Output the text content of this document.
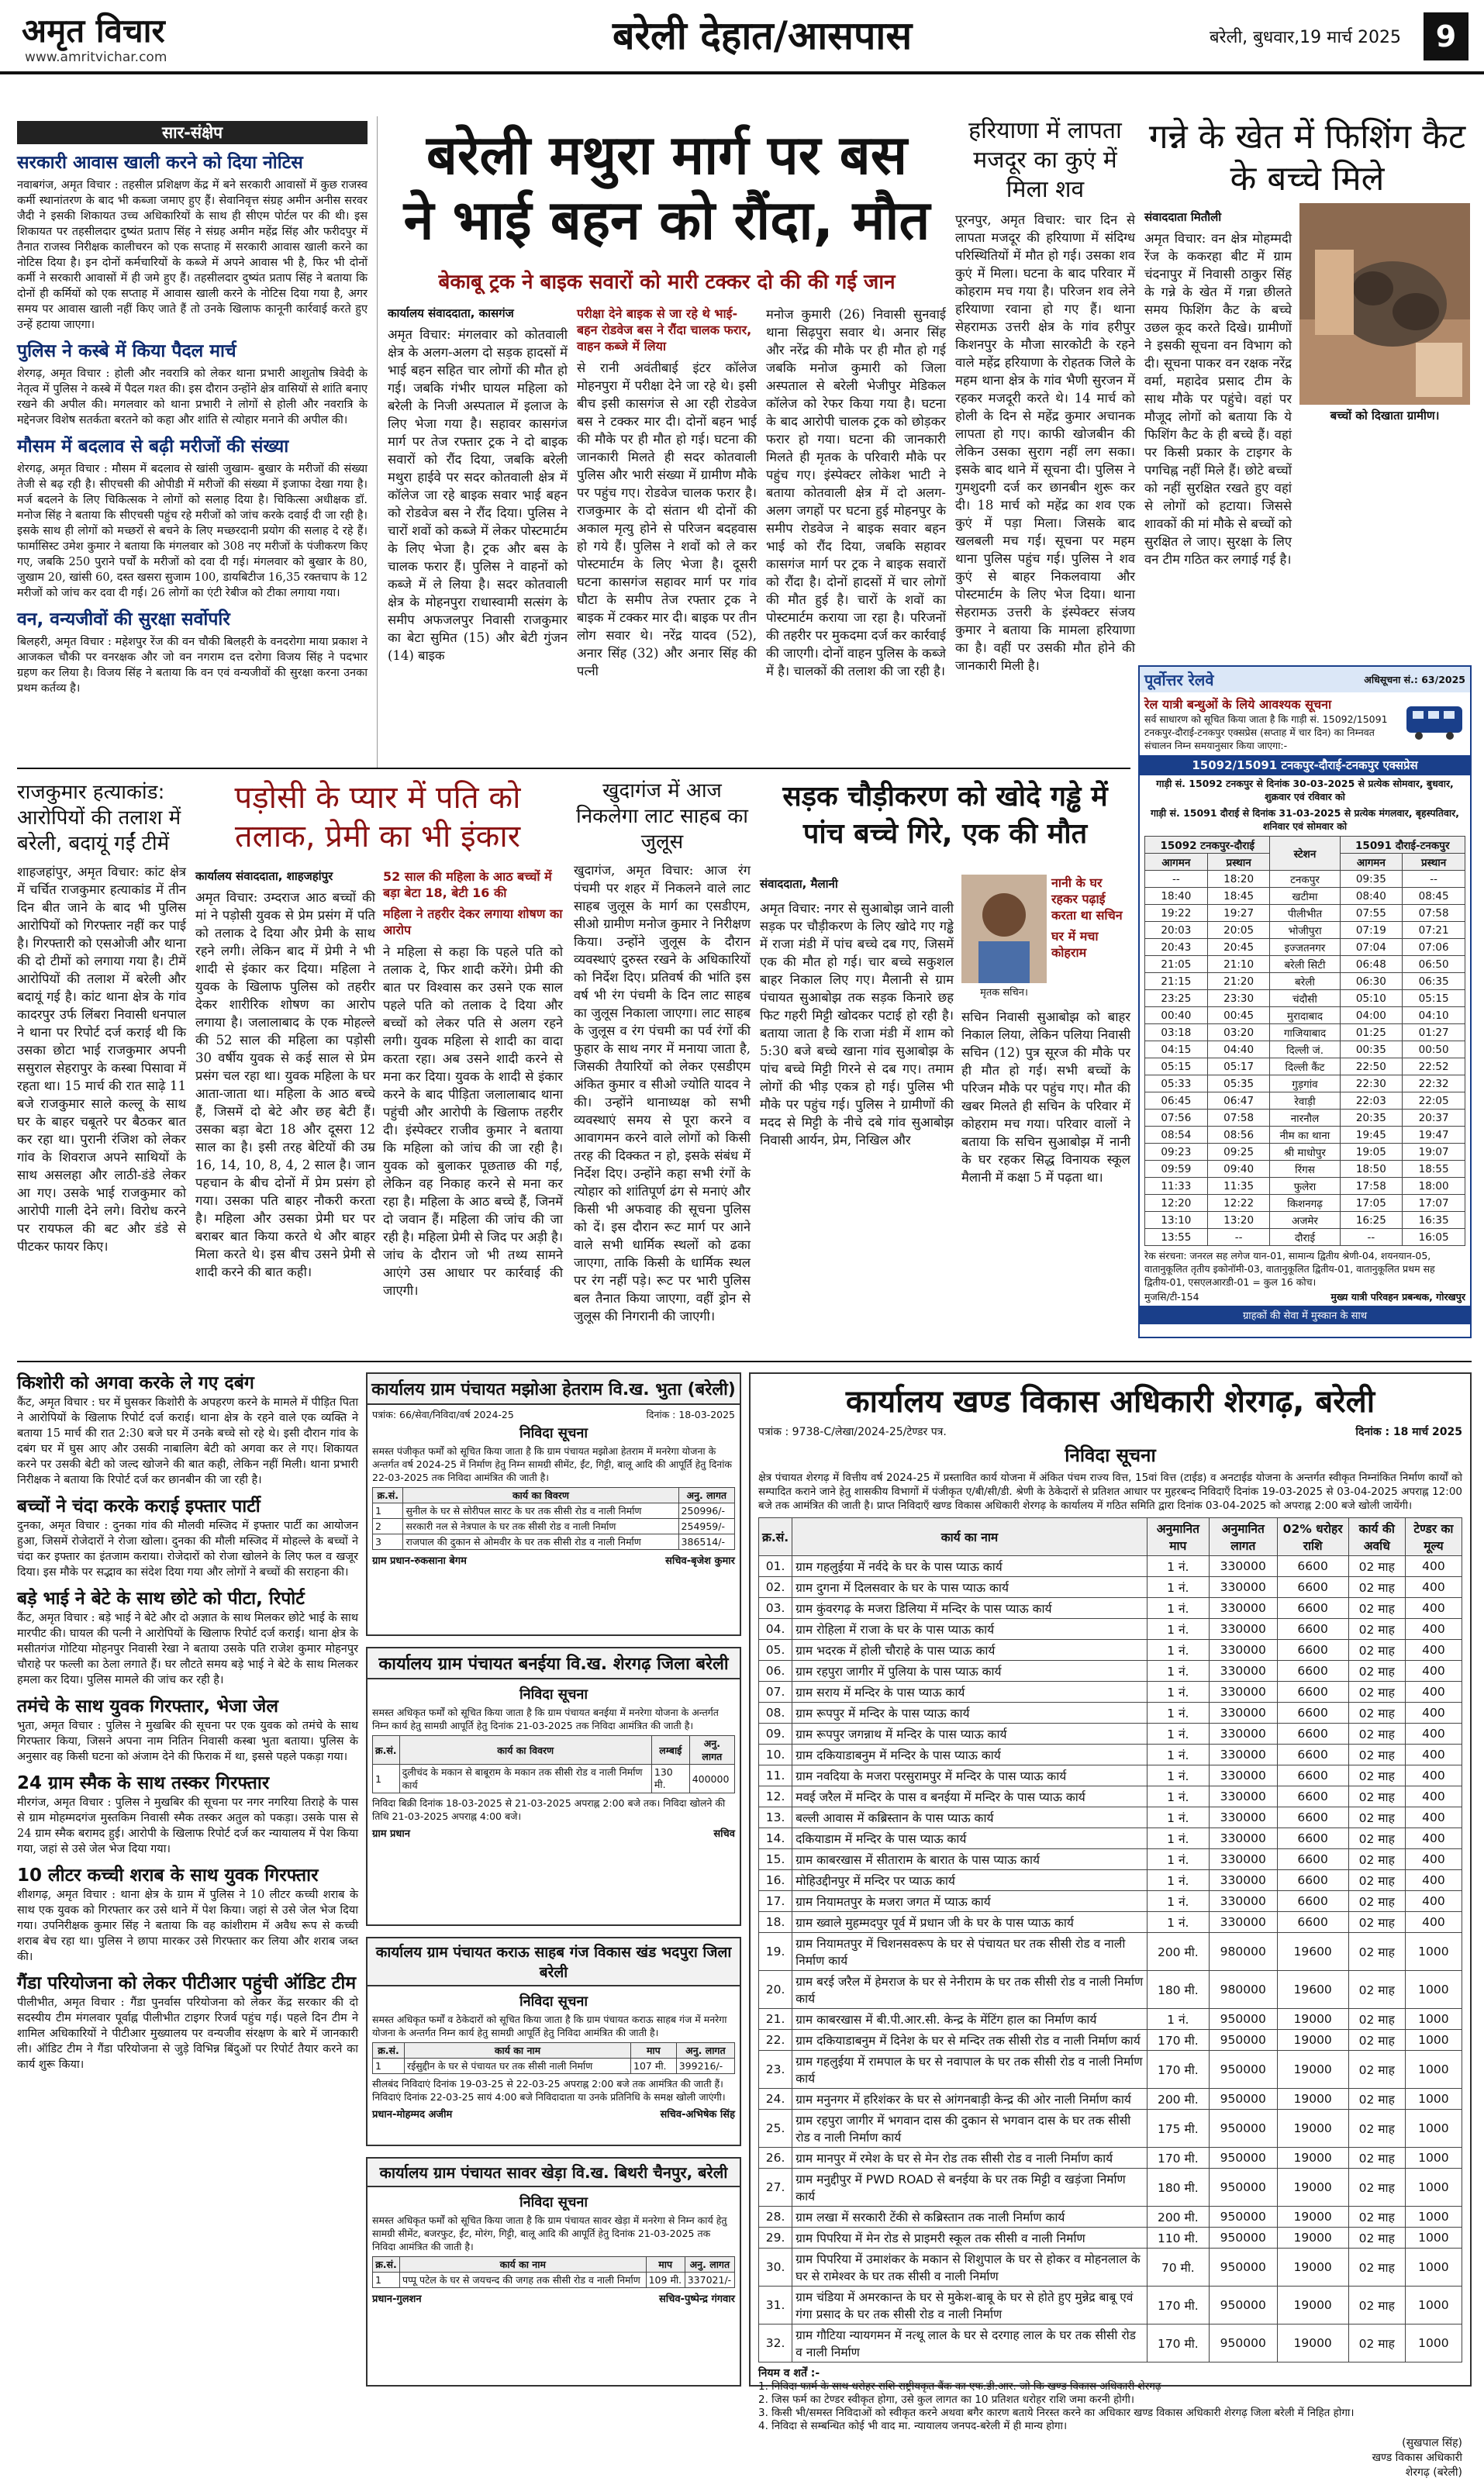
अमृत विचार
www.amritvichar.com	बरेली देहात/आसपास	बरेली, बुधवार,19 मार्च 2025	9
सार-संक्षेप
सरकारी आवास खाली करने को दिया नोटिस
नवाबगंज, अमृत विचार : तहसील प्रशिक्षण केंद्र में बने सरकारी आवासों में कुछ राजस्व कर्मी स्थानांतरण के बाद भी कब्जा जमाए हुए हैं। सेवानिवृत्त संग्रह अमीन अनीस सरवर जैदी ने इसकी शिकायत उच्च अधिकारियों के साथ ही सीएम पोर्टल पर की थी। इस शिकायत पर तहसीलदार दुष्यंत प्रताप सिंह ने संग्रह अमीन महेंद्र सिंह और फरीदपुर में तैनात राजस्व निरीक्षक कालीचरन को एक सप्ताह में सरकारी आवास खाली करने का नोटिस दिया है। इन दोनों कर्मचारियों के कब्जे में अपने आवास भी है, फिर भी दोनों कर्मी ने सरकारी आवासों में ही जमे हुए हैं। तहसीलदार दुष्यंत प्रताप सिंह ने बताया कि दोनों ही कर्मियों को एक सप्ताह में आवास खाली करने के नोटिस दिया गया है, अगर समय पर आवास खाली नहीं किए जाते हैं तो उनके खिलाफ कानूनी कार्रवाई करते हुए उन्हें हटाया जाएगा।
पुलिस ने कस्बे में किया पैदल मार्च
शेरगढ़, अमृत विचार : होली और नवरात्रि को लेकर थाना प्रभारी आशुतोष त्रिवेदी के नेतृत्व में पुलिस ने कस्बे में पैदल गश्त की। इस दौरान उन्होंने क्षेत्र वासियों से शांति बनाए रखने की अपील की। मगलवार को थाना प्रभारी ने लोगों से होली और नवरात्रि के मद्देनजर विशेष सतर्कता बरतने को कहा और शांति से त्योहार मनाने की अपील की।
मौसम में बदलाव से बढ़ी मरीजों की संख्या
शेरगढ़, अमृत विचार : मौसम में बदलाव से खांसी जुखाम- बुखार के मरीजों की संख्या तेजी से बढ़ रही है। सीएचसी की ओपीडी में मरीजों की संख्या में इजाफा देखा गया है। मर्ज बदलने के लिए चिकित्सक ने लोगों को सलाह दिया है। चिकित्सा अधीक्षक डॉ. मनोज सिंह ने बताया कि सीएचसी पहुंच रहे मरीजों को जांच करके दवाई दी जा रही है। इसके साथ ही लोगों को मच्छरों से बचने के लिए मच्छरदानी प्रयोग की सलाह दे रहे हैं। फार्मासिस्ट उमेश कुमार ने बताया कि मंगलवार को 308 नए मरीजों के पंजीकरण किए गए, जबकि 250 पुराने पर्चों के मरीजों को दवा दी गई। मंगलवार को बुखार के 80, जुखाम 20, खांसी 60, दस्त खसरा सुजाम 100, डायबिटीज 16,35 रक्तचाप के 12 मरीजों को जांच कर दवा दी गई। 26 लोगों का एंटी रेबीज को टीका लगाया गया।
वन, वन्यजीवों की सुरक्षा सर्वोपरि
बिलहरी, अमृत विचार : महेशपुर रेंज की वन चौकी बिलहरी के वनदरोगा माया प्रकाश ने आजकल चौकी पर वनरक्षक और जो वन नगराम दत्त दरोगा विजय सिंह ने पदभार ग्रहण कर लिया है। विजय सिंह ने बताया कि वन एवं वन्यजीवों की सुरक्षा करना उनका प्रथम कर्तव्य है।
बरेली मथुरा मार्ग पर बस
ने भाई बहन को रौंदा, मौत
बेकाबू ट्रक ने बाइक सवारों को मारी टक्कर दो की की गई जान
कार्यालय संवाददाता, कासगंज
अमृत विचार: मंगलवार को कोतवाली क्षेत्र के अलग-अलग दो सड़क हादसों में भाई बहन सहित चार लोगों की मौत हो गई। जबकि गंभीर घायल महिला को बरेली के निजी अस्पताल में इलाज के लिए भेजा गया है। सहावर कासगंज मार्ग पर तेज रफ्तार ट्रक ने दो बाइक सवारों को रौंद दिया, जबकि बरेली मथुरा हाईवे पर सदर कोतवाली क्षेत्र में कॉलेज जा रहे बाइक सवार भाई बहन को रोडवेज बस ने रौंद दिया। पुलिस ने चारों शवों को कब्जे में लेकर पोस्टमार्टम के लिए भेजा है। ट्रक और बस के चालक फरार हैं। पुलिस ने वाहनों को कब्जे में ले लिया है। सदर कोतवाली क्षेत्र के मोहनपुरा राधास्वामी सत्संग के समीप अफजलपुर निवासी राजकुमार का बेटा सुमित (15) और बेटी गुंजन (14) बाइक
परीक्षा देने बाइक से जा रहे थे भाई-बहन रोडवेज बस ने रौंदा चालक फरार, वाहन कब्जे में लिया
से रानी अवंतीबाई इंटर कॉलेज मोहनपुरा में परीक्षा देने जा रहे थे। इसी बीच इसी कासगंज से आ रही रोडवेज बस ने टक्कर मार दी। दोनों बहन भाई की मौके पर ही मौत हो गई। घटना की जानकारी मिलते ही सदर कोतवाली पुलिस और भारी संख्या में ग्रामीण मौके पर पहुंच गए। रोडवेज चालक फरार है। राजकुमार के दो संतान थी दोनों की अकाल मृत्यु होने से परिजन बदहवास हो गये हैं। पुलिस ने शवों को ले कर पोस्टमार्टम के लिए भेजा है। दूसरी घटना कासगंज सहावर मार्ग पर गांव घौटा के समीप तेज रफ्तार ट्रक ने बाइक में टक्कर मार दी। बाइक पर तीन लोग सवार थे। नरेंद्र यादव (52), अनार सिंह (32) और अनार सिंह की पत्नी
मनोज कुमारी (26) निवासी सुनवाई थाना सिढ़पुरा सवार थे। अनार सिंह और नरेंद्र की मौके पर ही मौत हो गई जबकि मनोज कुमारी को जिला अस्पताल से बरेली भेजीपुर मेडिकल कॉलेज को रेफर किया गया है। घटना के बाद आरोपी चालक ट्रक को छोड़कर फरार हो गया। घटना की जानकारी मिलते ही मृतक के परिवारी मौके पर पहुंच गए। इंस्पेक्टर लोकेश भाटी ने बताया कोतवाली क्षेत्र में दो अलग-अलग जगहों पर घटना हुई मोहनपुर के समीप रोडवेज ने बाइक सवार बहन भाई को रौंद दिया, जबकि सहावर कासगंज मार्ग पर ट्रक ने बाइक सवारों को रौंदा है। दोनों हादसों में चार लोगों की मौत हुई है। चारों के शवों का पोस्टमार्टम कराया जा रहा है। परिजनों की तहरीर पर मुकदमा दर्ज कर कार्रवाई की जाएगी। दोनों वाहन पुलिस के कब्जे में है। चालकों की तलाश की जा रही है।
हरियाणा में लापता मजदूर का कुएं में मिला शव
पूरनपुर, अमृत विचार: चार दिन से लापता मजदूर की हरियाणा में संदिग्ध परिस्थितियों में मौत हो गई। उसका शव कुएं में मिला। घटना के बाद परिवार में कोहराम मच गया है। परिजन शव लेने हरियाणा रवाना हो गए हैं। थाना सेहरामऊ उत्तरी क्षेत्र के गांव हरीपुर किशनपुर के मौजा सारकोटी के रहने वाले महेंद्र हरियाणा के रोहतक जिले के महम थाना क्षेत्र के गांव भैणी सुरजन में रहकर मजदूरी करते थे। 14 मार्च को होली के दिन से महेंद्र कुमार अचानक लापता हो गए। काफी खोजबीन की लेकिन उसका सुराग नहीं लग सका। इसके बाद थाने में सूचना दी। पुलिस ने गुमशुदगी दर्ज कर छानबीन शुरू कर दी। 18 मार्च को महेंद्र का शव एक कुएं में पड़ा मिला। जिसके बाद खलबली मच गई। सूचना पर महम थाना पुलिस पहुंच गई। पुलिस ने शव कुएं से बाहर निकलवाया और पोस्टमार्टम के लिए भेज दिया। थाना सेहरामऊ उत्तरी के इंस्पेक्टर संजय कुमार ने बताया कि मामला हरियाणा का है। वहीं पर उसकी मौत होने की जानकारी मिली है।
गन्ने के खेत में फिशिंग कैट के बच्चे मिले
संवाददाता मितौली
अमृत विचार: वन क्षेत्र मोहम्मदी रेंज के ककरहा बीट में ग्राम चंदनापुर में निवासी ठाकुर सिंह के गन्ने के खेत में गन्ना छीलते समय फिशिंग कैट के बच्चे उछल कूद करते दिखे। ग्रामीणों ने इसकी सूचना वन विभाग को दी। सूचना पाकर वन रक्षक नरेंद्र वर्मा, महादेव प्रसाद टीम के साथ मौके पर पहुंचे। वहां पर मौजूद लोगों को बताया कि ये फिशिंग कैट के ही बच्चे हैं। वहां पर किसी प्रकार के टाइगर के पगचिह्न नहीं मिले हैं। छोटे बच्चों को नहीं सुरक्षित रखते हुए वहां से लोगों को हटाया। जिससे शावकों की मां मौके से बच्चों को सुरक्षित ले जाए। सुरक्षा के लिए वन टीम गठित कर लगाई गई है।
बच्चों को दिखाता ग्रामीण।
पूर्वोत्तर रेलवे	अधिसूचना सं.: 63/2025
रेल यात्री बन्धुओं के लिये आवश्यक सूचना
सर्व साधारण को सूचित किया जाता है कि गाड़ी सं. 15092/15091 टनकपुर-दौराई-टनकपुर एक्सप्रेस (सप्ताह में चार दिन) का निम्नवत संचालन निम्न समयानुसार किया जाएगा:-
15092/15091 टनकपुर-दौराई-टनकपुर एक्सप्रेस
गाड़ी सं. 15092 टनकपुर से दिनांक 30-03-2025 से प्रत्येक सोमवार, बुधवार, शुक्रवार एवं रविवार को
गाड़ी सं. 15091 दौराई से दिनांक 31-03-2025 से प्रत्येक मंगलवार, बृहस्पतिवार, शनिवार एवं सोमवार को
15092 टनकपुर-दौराई		स्टेशन	15091 दौराई-टनकपुर	
आगमन	प्रस्थान		आगमन	प्रस्थान
--	18:20	टनकपुर	09:35	--
18:40	18:45	खटीमा	08:40	08:45
19:22	19:27	पीलीभीत	07:55	07:58
20:03	20:05	भोजीपुरा	07:19	07:21
20:43	20:45	इज्जतनगर	07:04	07:06
21:05	21:10	बरेली सिटी	06:48	06:50
21:15	21:20	बरेली	06:30	06:35
23:25	23:30	चंदौसी	05:10	05:15
00:40	00:45	मुरादाबाद	04:00	04:10
03:18	03:20	गाजियाबाद	01:25	01:27
04:15	04:40	दिल्ली जं.	00:35	00:50
05:15	05:17	दिल्ली कैंट	22:50	22:52
05:33	05:35	गुड़गांव	22:30	22:32
06:45	06:47	रेवाड़ी	22:03	22:05
07:56	07:58	नारनौल	20:35	20:37
08:54	08:56	नीम का थाना	19:45	19:47
09:23	09:25	श्री माधोपुर	19:05	19:07
09:59	09:40	रिंगस	18:50	18:55
11:33	11:35	फुलेरा	17:58	18:00
12:20	12:22	किशनगढ़	17:05	17:07
13:10	13:20	अजमेर	16:25	16:35
13:55	--	दौराई	--	16:05
रेक संरचना: जनरल सह लगेज यान-01, सामान्य द्वितीय श्रेणी-04, शयनयान-05, वातानुकूलित तृतीय इकोनॉमी-03, वातानुकूलित द्वितीय-01, वातानुकूलित प्रथम सह द्वितीय-01, एसएलआरडी-01 = कुल 16 कोच।
मुजसि/टी-154	मुख्य यात्री परिवहन प्रबन्धक, गोरखपुर
ग्राहकों की सेवा में मुस्कान के साथ
राजकुमार हत्याकांड: आरोपियों की तलाश में बरेली, बदायूं गईं टीमें
शाहजहांपुर, अमृत विचार: कांट क्षेत्र में चर्चित राजकुमार हत्याकांड में तीन दिन बीत जाने के बाद भी पुलिस आरोपियों को गिरफ्तार नहीं कर पाई है। गिरफ्तारी को एसओजी और थाना की दो टीमों को लगाया गया है। टीमें आरोपियों की तलाश में बरेली और बदायूं गई है। कांट थाना क्षेत्र के गांव कादरपुर उर्फ लिंबरा निवासी धनपाल ने थाना पर रिपोर्ट दर्ज कराई थी कि उसका छोटा भाई राजकुमार अपनी ससुराल सेहरापुर के कस्बा पिसावा में रहता था। 15 मार्च की रात साढ़े 11 बजे राजकुमार साले कल्लू के साथ घर के बाहर चबूतरे पर बैठकर बात कर रहा था। पुरानी रंजिश को लेकर गांव के शिवराज अपने साथियों के साथ असलहा और लाठी-डंडे लेकर आ गए। उसके भाई राजकुमार को आरोपी गाली देने लगे। विरोध करने पर रायफल की बट और डंडे से पीटकर फायर किए।
पड़ोसी के प्यार में पति को तलाक, प्रेमी का भी इंकार
कार्यालय संवाददाता, शाहजहांपुर
अमृत विचार: उम्दराज आठ बच्चों की मां ने पड़ोसी युवक से प्रेम प्रसंग में पति को तलाक दे दिया और प्रेमी के साथ रहने लगी। लेकिन बाद में प्रेमी ने भी शादी से इंकार कर दिया। महिला ने युवक के खिलाफ पुलिस को तहरीर देकर शारीरिक शोषण का आरोप लगाया है। जलालाबाद के एक मोहल्ले की 52 साल की महिला का पड़ोसी 30 वर्षीय युवक से कई साल से प्रेम प्रसंग चल रहा था। युवक महिला के घर आता-जाता था। महिला के आठ बच्चे हैं, जिसमें दो बेटे और छह बेटी हैं। उसका बड़ा बेटा 18 और दूसरा 12 साल का है। इसी तरह बेटियों की उम्र 16, 14, 10, 8, 4, 2 साल है। जान पहचान के बीच दोनों में प्रेम प्रसंग हो गया। उसका पति बाहर नौकरी करता है। महिला और उसका प्रेमी घर पर बराबर बात किया करते थे और बाहर मिला करते थे। इस बीच उसने प्रेमी से शादी करने की बात कही।
52 साल की महिला के आठ बच्चों में बड़ा बेटा 18, बेटी 16 की
महिला ने तहरीर देकर लगाया शोषण का आरोप
ने महिला से कहा कि पहले पति को तलाक दे, फिर शादी करेंगे। प्रेमी की बात पर विश्वास कर उसने एक साल पहले पति को तलाक दे दिया और बच्चों को लेकर पति से अलग रहने लगी। युवक महिला से शादी का वादा करता रहा। अब उसने शादी करने से मना कर दिया। युवक के शादी से इंकार करने के बाद पीड़िता जलालाबाद थाना पहुंची और आरोपी के खिलाफ तहरीर दी। इंस्पेक्टर राजीव कुमार ने बताया कि महिला को जांच की जा रही है। युवक को बुलाकर पूछताछ की गई, लेकिन वह निकाह करने से मना कर रहा है। महिला के आठ बच्चे हैं, जिनमें दो जवान हैं। महिला की जांच की जा रही है। महिला प्रेमी से जिद पर अड़ी है। जांच के दौरान जो भी तथ्य सामने आएंगे उस आधार पर कार्रवाई की जाएगी।
खुदागंज में आज निकलेगा लाट साहब का जुलूस
खुदागंज, अमृत विचार: आज रंग पंचमी पर शहर में निकलने वाले लाट साहब जुलूस के मार्ग का एसडीएम, सीओ ग्रामीण मनोज कुमार ने निरीक्षण किया। उन्होंने जुलूस के दौरान व्यवस्थाएं दुरुस्त रखने के अधिकारियों को निर्देश दिए। प्रतिवर्ष की भांति इस वर्ष भी रंग पंचमी के दिन लाट साहब का जुलूस निकाला जाएगा। लाट साहब के जुलूस व रंग पंचमी का पर्व रंगों की फुहार के साथ नगर में मनाया जाता है, जिसकी तैयारियों को लेकर एसडीएम अंकित कुमार व सीओ ज्योति यादव ने की। उन्होंने थानाध्यक्ष को सभी व्यवस्थाएं समय से पूरा करने व आवागमन करने वाले लोगों को किसी तरह की दिक्कत न हो, इसके संबंध में निर्देश दिए। उन्होंने कहा सभी रंगों के त्योहार को शांतिपूर्ण ढंग से मनाएं और किसी भी अफवाह की सूचना पुलिस को दें। इस दौरान रूट मार्ग पर आने वाले सभी धार्मिक स्थलों को ढका जाएगा, ताकि किसी के धार्मिक स्थल पर रंग नहीं पड़े। रूट पर भारी पुलिस बल तैनात किया जाएगा, वहीं ड्रोन से जुलूस की निगरानी की जाएगी।
सड़क चौड़ीकरण को खोदे गड्ढे में पांच बच्चे गिरे, एक की मौत
संवाददाता, मैलानी
मृतक सचिन।
नानी के घर रहकर पढ़ाई करता था सचिन
घर में मचा कोहराम
अमृत विचार: नगर से सुआबोझ जाने वाली सड़क पर चौड़ीकरण के लिए खोदे गए गड्ढे में राजा मंडी में पांच बच्चे दब गए, जिसमें एक की मौत हो गई। चार बच्चे सकुशल बाहर निकाल लिए गए। मैलानी से ग्राम पंचायत सुआबोझ तक सड़क किनारे छह फिट गहरी मिट्टी खोदकर पटाई हो रही है। बताया जाता है कि राजा मंडी में शाम को 5:30 बजे बच्चे खाना गांव सुआबोझ के पांच बच्चे मिट्टी गिरने से दब गए। तमाम लोगों की भीड़ एकत्र हो गई। पुलिस भी मौके पर पहुंच गई। पुलिस ने ग्रामीणों की मदद से मिट्टी के नीचे दबे गांव सुआबोझ निवासी आर्यन, प्रेम, निखिल और
सचिन निवासी सुआबोझ को बाहर निकाल लिया, लेकिन पलिया निवासी सचिन (12) पुत्र सूरज की मौके पर ही मौत हो गई। सभी बच्चों के परिजन मौके पर पहुंच गए। मौत की खबर मिलते ही सचिन के परिवार में कोहराम मच गया। परिवार वालों ने बताया कि सचिन सुआबोझ में नानी के घर रहकर सिद्ध विनायक स्कूल मैलानी में कक्षा 5 में पढ़ता था।
किशोरी को अगवा करके ले गए दबंग
कैंट, अमृत विचार : घर में घुसकर किशोरी के अपहरण करने के मामले में पीड़ित पिता ने आरोपियों के खिलाफ रिपोर्ट दर्ज कराई। थाना क्षेत्र के रहने वाले एक व्यक्ति ने बताया 15 मार्च की रात 2:30 बजे घर में उनके बच्चे सो रहे थे। इसी दौरान गांव के दबंग घर में घुस आए और उसकी नाबालिग बेटी को अगवा कर ले गए। शिकायत करने पर उसकी बेटी को जल्द खोजने की बात कही, लेकिन नहीं मिली। थाना प्रभारी निरीक्षक ने बताया कि रिपोर्ट दर्ज कर छानबीन की जा रही है।
बच्चों ने चंदा करके कराई इफ्तार पार्टी
दुनका, अमृत विचार : दुनका गांव की मौलवी मस्जिद में इफ्तार पार्टी का आयोजन हुआ, जिसमें रोजेदारों ने रोजा खोला। दुनका की मौली मस्जिद में मोहल्ले के बच्चों ने चंदा कर इफ्तार का इंतजाम कराया। रोजेदारों को रोजा खोलने के लिए फल व खजूर दिया। इस मौके पर सद्भाव का संदेश दिया गया और लोगों ने बच्चों की सराहना की।
बड़े भाई ने बेटे के साथ छोटे को पीटा, रिपोर्ट
कैंट, अमृत विचार : बड़े भाई ने बेटे और दो अज्ञात के साथ मिलकर छोटे भाई के साथ मारपीट की। घायल की पत्नी ने आरोपियों के खिलाफ रिपोर्ट दर्ज कराई। थाना क्षेत्र के मसीतगंज गोटिया मोहनपुर निवासी रेखा ने बताया उसके पति राजेश कुमार मोहनपुर चौराहे पर फल्ली का ठेला लगाते हैं। घर लौटते समय बड़े भाई ने बेटे के साथ मिलकर हमला कर दिया। पुलिस मामले की जांच कर रही है।
तमंचे के साथ युवक गिरफ्तार, भेजा जेल
भुता, अमृत विचार : पुलिस ने मुखबिर की सूचना पर एक युवक को तमंचे के साथ गिरफ्तार किया, जिसने अपना नाम नितिन निवासी कस्बा भुता बताया। पुलिस के अनुसार वह किसी घटना को अंजाम देने की फिराक में था, इससे पहले पकड़ा गया।
24 ग्राम स्मैक के साथ तस्कर गिरफ्तार
मीरगंज, अमृत विचार : पुलिस ने मुखबिर की सूचना पर नगर नगरिया तिराहे के पास से ग्राम मोहम्मदगंज मुस्तकिम निवासी स्मैक तस्कर अतुल को पकड़ा। उसके पास से 24 ग्राम स्मैक बरामद हुई। आरोपी के खिलाफ रिपोर्ट दर्ज कर न्यायालय में पेश किया गया, जहां से उसे जेल भेज दिया गया।
10 लीटर कच्ची शराब के साथ युवक गिरफ्तार
शीशगढ़, अमृत विचार : थाना क्षेत्र के ग्राम में पुलिस ने 10 लीटर कच्ची शराब के साथ एक युवक को गिरफ्तार कर उसे थाने में पेश किया। जहां से उसे जेल भेज दिया गया। उपनिरीक्षक कुमार सिंह ने बताया कि वह कांशीराम में अवैध रूप से कच्ची शराब बेच रहा था। पुलिस ने छापा मारकर उसे गिरफ्तार कर लिया और शराब जब्त की।
गैंडा परियोजना को लेकर पीटीआर पहुंची ऑडिट टीम
पीलीभीत, अमृत विचार : गैंडा पुनर्वास परियोजना को लेकर केंद्र सरकार की दो सदस्यीय टीम मंगलवार पूर्वाह्न पीलीभीत टाइगर रिजर्व पहुंच गई। पहले दिन टीम ने शामिल अधिकारियों ने पीटीआर मुख्यालय पर वन्यजीव संरक्षण के बारे में जानकारी ली। ऑडिट टीम ने गैंडा परियोजना से जुड़े विभिन्न बिंदुओं पर रिपोर्ट तैयार करने का कार्य शुरू किया।
कार्यालय ग्राम पंचायत मझोआ हेतराम वि.ख. भुता (बरेली)
पत्रांक: 66/सेवा/निविदा/वर्ष 2024-25	दिनांक : 18-03-2025
निविदा सूचना
समस्त पंजीकृत फर्मों को सूचित किया जाता है कि ग्राम पंचायत मझोआ हेतराम में मनरेगा योजना के अन्तर्गत वर्ष 2024-25 में निर्माण हेतु निम्न सामग्री सीमेंट, ईंट, गिट्टी, बालू आदि की आपूर्ति हेतु दिनांक 22-03-2025 तक निविदा आमंत्रित की जाती है।
क्र.सं.	कार्य का विवरण	अनु. लागत
1	सुनील के घर से सोरीपल सारट के घर तक सीसी रोड व नाली निर्माण	250996/-
2	सरकारी नल से नेत्रपाल के घर तक सीसी रोड व नाली निर्माण	254959/-
3	राजपाल की दुकान से ओमवीर के घर तक सीसी रोड व नाली निर्माण	386514/-
ग्राम प्रधान-रुकसाना बेगम	सचिव-बृजेश कुमार
कार्यालय ग्राम पंचायत बनईया वि.ख. शेरगढ़ जिला बरेली
निविदा सूचना
समस्त अधिकृत फर्मों को सूचित किया जाता है कि ग्राम पंचायत बनईया में मनरेगा योजना के अन्तर्गत निम्न कार्य हेतु सामग्री आपूर्ति हेतु दिनांक 21-03-2025 तक निविदा आमंत्रित की जाती है।
क्र.सं.	कार्य का विवरण	लम्बाई	अनु. लागत
1	दुलीचंद के मकान से बाबूराम के मकान तक सीसी रोड व नाली निर्माण कार्य	130 मी.	400000
निविदा बिक्री दिनांक 18-03-2025 से 21-03-2025 अपराह्न 2:00 बजे तक। निविदा खोलने की तिथि 21-03-2025 अपराह्न 4:00 बजे।
ग्राम प्रधान	सचिव
कार्यालय ग्राम पंचायत कराऊ साहब गंज विकास खंड भदपुरा जिला बरेली
निविदा सूचना
समस्त अधिकृत फर्मों व ठेकेदारों को सूचित किया जाता है कि ग्राम पंचायत कराऊ साहब गंज में मनरेगा योजना के अन्तर्गत निम्न कार्य हेतु सामग्री आपूर्ति हेतु निविदा आमंत्रित की जाती है।
क्र.सं.	कार्य का नाम	माप	अनु. लागत
1	रईसुद्दीन के घर से पंचायत घर तक सीसी नाली निर्माण	107 मी.	399216/-
सीलबंद निविदाएं दिनांक 19-03-25 से 22-03-25 अपराह्न 2:00 बजे तक आमंत्रित की जाती हैं। निविदाएं दिनांक 22-03-25 सायं 4:00 बजे निविदादाता या उनके प्रतिनिधि के समक्ष खोली जाएंगी।
प्रधान-मोहम्मद अजीम	सचिव-अभिषेक सिंह
कार्यालय ग्राम पंचायत सावर खेड़ा वि.ख. बिथरी चैनपुर, बरेली
निविदा सूचना
समस्त अधिकृत फर्मों को सूचित किया जाता है कि ग्राम पंचायत सावर खेड़ा में मनरेगा से निम्न कार्य हेतु सामग्री सीमेंट, बजरफुट, ईंट, मोरंग, गिट्टी, बालू आदि की आपूर्ति हेतु दिनांक 21-03-2025 तक निविदा आमंत्रित की जाती है।
क्र.सं.	कार्य का नाम	माप	अनु. लागत
1	पप्पू पटेल के घर से जयचन्द की जगह तक सीसी रोड व नाली निर्माण	109 मी.	337021/-
प्रधान-गुलशन	सचिव-पुष्पेन्द्र गंगवार
कार्यालय खण्ड विकास अधिकारी शेरगढ़, बरेली
पत्रांक : 9738-C/लेखा/2024-25/टेण्डर पत्र.	दिनांक : 18 मार्च 2025
निविदा सूचना
क्षेत्र पंचायत शेरगढ़ में वित्तीय वर्ष 2024-25 में प्रस्तावित कार्य योजना में अंकित पंचम राज्य वित्त, 15वां वित्त (टाईड) व अनटाईड योजना के अन्तर्गत स्वीकृत निम्नांकित निर्माण कार्यों को सम्पादित कराने जाने हेतु शासकीय विभागों में पंजीकृत ए/बी/सी/डी. श्रेणी के ठेकेदारों से प्रतिशत आधार पर मुहरबन्द निविदाएँ दिनांक 19-03-2025 से 03-04-2025 अपराह्न 12:00 बजे तक आमंत्रित की जाती है। प्राप्त निविदाएँ खण्ड विकास अधिकारी शेरगढ़ के कार्यालय में गठित समिति द्वारा दिनांक 03-04-2025 को अपराह्न 2:00 बजे खोली जायेंगी।
क्र.सं.	कार्य का नाम	अनुमानित माप	अनुमानित लागत	02% धरोहर राशि	कार्य की अवधि	टेण्डर का मूल्य
01.	ग्राम गहलुईया में नर्वदे के घर के पास प्याऊ कार्य	1 नं.	330000	6600	02 माह	400
02.	ग्राम दुगना में दिलसवार के घर के पास प्याऊ कार्य	1 नं.	330000	6600	02 माह	400
03.	ग्राम कुंवरगढ़ के मजरा डिलिया में मन्दिर के पास प्याऊ कार्य	1 नं.	330000	6600	02 माह	400
04.	ग्राम रोहिला में राजा के घर के पास प्याऊ कार्य	1 नं.	330000	6600	02 माह	400
05.	ग्राम भदरक में होली चौराहे के पास प्याऊ कार्य	1 नं.	330000	6600	02 माह	400
06.	ग्राम रहपुरा जागीर में पुलिया के पास प्याऊ कार्य	1 नं.	330000	6600	02 माह	400
07.	ग्राम सराय में मन्दिर के पास प्याऊ कार्य	1 नं.	330000	6600	02 माह	400
08.	ग्राम रूपपुर में मन्दिर के पास प्याऊ कार्य	1 नं.	330000	6600	02 माह	400
09.	ग्राम रूपपुर जगन्नाथ में मन्दिर के पास प्याऊ कार्य	1 नं.	330000	6600	02 माह	400
10.	ग्राम दकियाडाबनुम में मन्दिर के पास प्याऊ कार्य	1 नं.	330000	6600	02 माह	400
11.	ग्राम नवदिया के मजरा परसुरामपुर में मन्दिर के पास प्याऊ कार्य	1 नं.	330000	6600	02 माह	400
12.	मवई जरैल में मन्दिर के पास व बनईया में मन्दिर के पास प्याऊ कार्य	1 नं.	330000	6600	02 माह	400
13.	बल्ली आवास में कब्रिस्तान के पास प्याऊ कार्य	1 नं.	330000	6600	02 माह	400
14.	दकियाडाम में मन्दिर के पास प्याऊ कार्य	1 नं.	330000	6600	02 माह	400
15.	ग्राम काबरखास में सीताराम के बारात के पास प्याऊ कार्य	1 नं.	330000	6600	02 माह	400
16.	मोहिउद्दीनपुर में मन्दिर पर प्याऊ कार्य	1 नं.	330000	6600	02 माह	400
17.	ग्राम नियामतपुर के मजरा जगत में प्याऊ कार्य	1 नं.	330000	6600	02 माह	400
18.	ग्राम ख्वाले मुहम्मदपुर पूर्व में प्रधान जी के घर के पास प्याऊ कार्य	1 नं.	330000	6600	02 माह	400
19.	ग्राम नियामतपुर में चिशनसवरूप के घर से पंचायत घर तक सीसी रोड व नाली निर्माण कार्य	200 मी.	980000	19600	02 माह	1000
20.	ग्राम बरई जरैल में हेमराज के घर से नेनीराम के घर तक सीसी रोड व नाली निर्माण कार्य	180 मी.	980000	19600	02 माह	1000
21.	ग्राम काबरखास में बी.पी.आर.सी. केन्द्र के मेंटिंग हाल का निर्माण कार्य	1 नं.	950000	19000	02 माह	1000
22.	ग्राम दकियाडाबनुम में दिनेश के घर से मन्दिर तक सीसी रोड व नाली निर्माण कार्य	170 मी.	950000	19000	02 माह	1000
23.	ग्राम गहलुईया में रामपाल के घर से नवापाल के घर तक सीसी रोड व नाली निर्माण कार्य	170 मी.	950000	19000	02 माह	1000
24.	ग्राम मनुनगर में हरिशंकर के घर से आंगनबाड़ी केन्द्र की ओर नाली निर्माण कार्य	200 मी.	950000	19000	02 माह	1000
25.	ग्राम रहपुरा जागीर में भगवान दास की दुकान से भगवान दास के घर तक सीसी रोड व नाली निर्माण कार्य	175 मी.	950000	19000	02 माह	1000
26.	ग्राम मानपुर में रमेश के घर से मेन रोड तक सीसी रोड व नाली निर्माण कार्य	170 मी.	950000	19000	02 माह	1000
27.	ग्राम मनुद्दीपुर में PWD ROAD से बनईया के घर तक मिट्टी व खड़ंजा निर्माण कार्य	180 मी.	950000	19000	02 माह	1000
28.	ग्राम लखा में सरकारी टेंकी से कब्रिस्तान तक नाली निर्माण कार्य	200 मी.	950000	19000	02 माह	1000
29.	ग्राम पिपरिया में मेन रोड से प्राइमरी स्कूल तक सीसी व नाली निर्माण	110 मी.	950000	19000	02 माह	1000
30.	ग्राम पिपरिया में उमाशंकर के मकान से शिशुपाल के घर से होकर व मोहनलाल के घर से रामेश्वर के घर तक सीसी व नाली निर्माण	70 मी.	950000	19000	02 माह	1000
31.	ग्राम चंडिया में अमरकान्त के घर से मुकेश-बाबू के घर से होते हुए मुन्नेद्र बाबू एवं गंगा प्रसाद के घर तक सीसी रोड व नाली निर्माण	170 मी.	950000	19000	02 माह	1000
32.	ग्राम गौटिया न्यायगमन में नत्थू लाल के घर से दरगाह लाल के घर तक सीसी रोड व नाली निर्माण	170 मी.	950000	19000	02 माह	1000
नियम व शर्तें :-
1. निविदा फार्म के साथ धरोहर राशि राष्ट्रीयकृत बैंक का एफ.डी.आर. जो कि खण्ड विकास अधिकारी शेरगढ़
2. जिस फर्म का टेण्डर स्वीकृत होगा, उसे कुल लागत का 10 प्रतिशत धरोहर राशि जमा करनी होगी।
3. किसी भी/समस्त निविदाओं को स्वीकृत करने अथवा बगैर कारण बताये निरस्त करने का अधिकार खण्ड विकास अधिकारी शेरगढ़ जिला बरेली में निहित होगा।
4. निविदा से सम्बन्धित कोई भी वाद मा. न्यायालय जनपद-बरेली में ही मान्य होगा।
(सुखपाल सिंह)
खण्ड विकास अधिकारी
शेरगढ़ (बरेली)
